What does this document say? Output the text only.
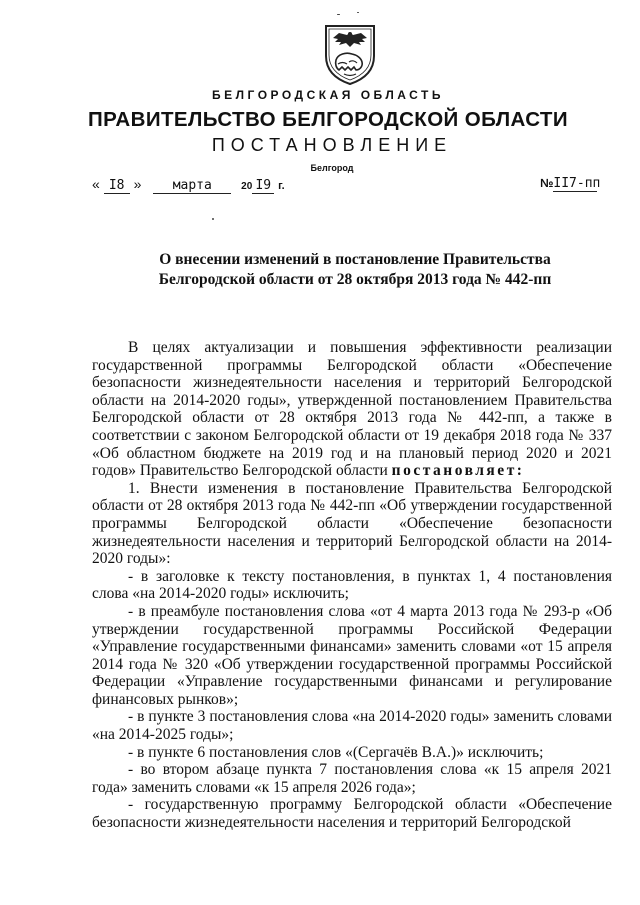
БЕЛГОРОДСКАЯ ОБЛАСТЬ
ПРАВИТЕЛЬСТВО БЕЛГОРОДСКОЙ ОБЛАСТИ
ПОСТАНОВЛЕНИЕ
Белгород
« I8 » марта	20 I9 г.	№II7-пп
О внесении изменений в постановление Правительства
Белгородской области от 28 октября 2013 года № 442-пп

В целях актуализации и повышения эффективности реализации государственной программы Белгородской области «Обеспечение безопасности жизнедеятельности населения и территорий Белгородской области на 2014-2020 годы», утвержденной постановлением Правительства Белгородской области от 28 октября 2013 года № 442-пп, а также в соответствии с законом Белгородской области от 19 декабря 2018 года № 337 «Об областном бюджете на 2019 год и на плановый период 2020 и 2021 годов» Правительство Белгородской области постановляет:

1. Внести изменения в постановление Правительства Белгородской области от 28 октября 2013 года № 442-пп «Об утверждении государственной программы Белгородской области «Обеспечение безопасности жизнедеятельности населения и территорий Белгородской области на 2014-2020 годы»:

- в заголовке к тексту постановления, в пунктах 1, 4 постановления слова «на 2014-2020 годы» исключить;

- в преамбуле постановления слова «от 4 марта 2013 года № 293-р «Об утверждении государственной программы Российской Федерации «Управление государственными финансами» заменить словами «от 15 апреля 2014 года № 320 «Об утверждении государственной программы Российской Федерации «Управление государственными финансами и регулирование финансовых рынков»;

- в пункте 3 постановления слова «на 2014-2020 годы» заменить словами «на 2014-2025 годы»;

- в пункте 6 постановления слов «(Сергачёв В.А.)» исключить;

- во втором абзаце пункта 7 постановления слова «к 15 апреля 2021 года» заменить словами «к 15 апреля 2026 года»;

- государственную программу Белгородской области «Обеспечение безопасности жизнедеятельности населения и территорий Белгородской
